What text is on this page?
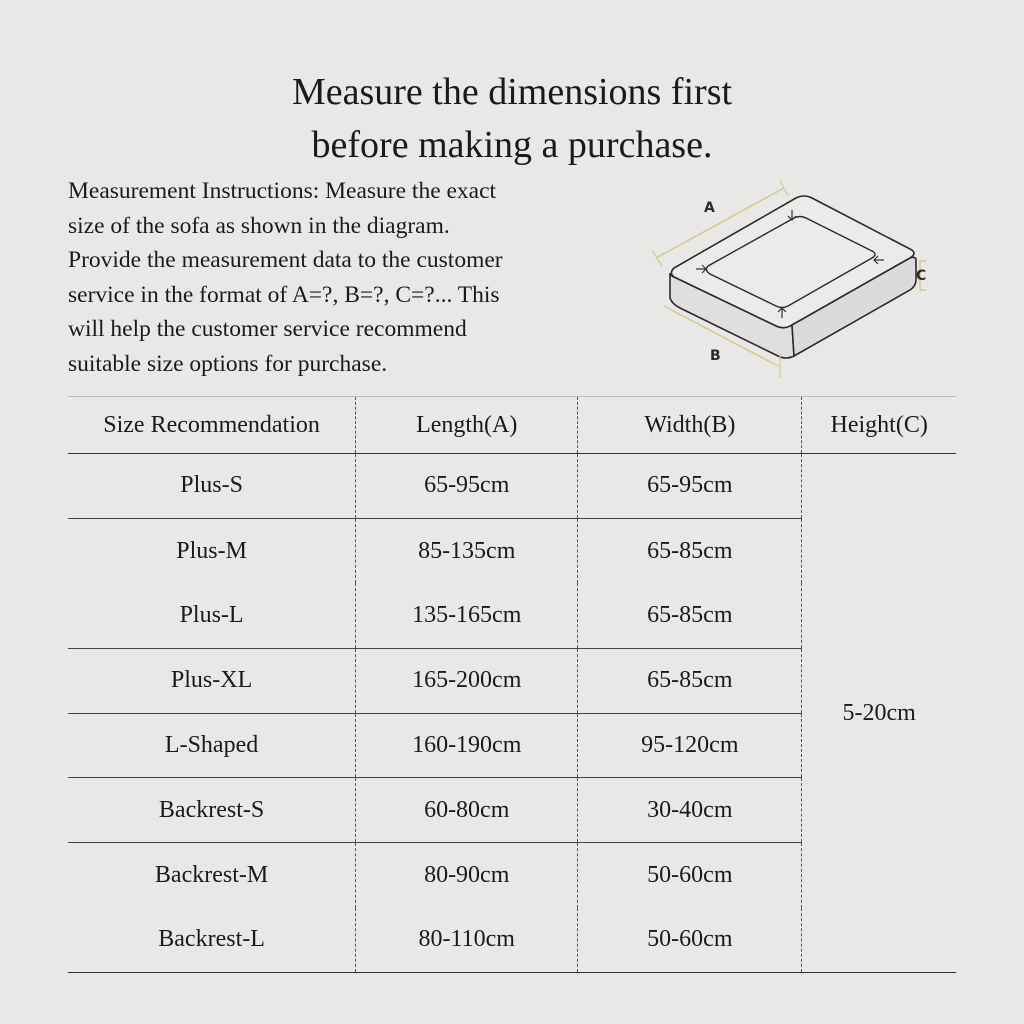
Measure the dimensions first
before making a purchase.
Measurement Instructions: Measure the exact
size of the sofa as shown in the diagram.
Provide the measurement data to the customer
service in the format of A=?, B=?, C=?... This
will help the customer service recommend
suitable size options for purchase.
A
B
C
Size Recommendation	Length(A)	Width(B)	Height(C)
Plus-S	65-95cm	65-95cm	5-20cm
Plus-M	85-135cm	65-85cm	
Plus-L	135-165cm	65-85cm	
Plus-XL	165-200cm	65-85cm	
L-Shaped	160-190cm	95-120cm	
Backrest-S	60-80cm	30-40cm	
Backrest-M	80-90cm	50-60cm	
Backrest-L	80-110cm	50-60cm	
